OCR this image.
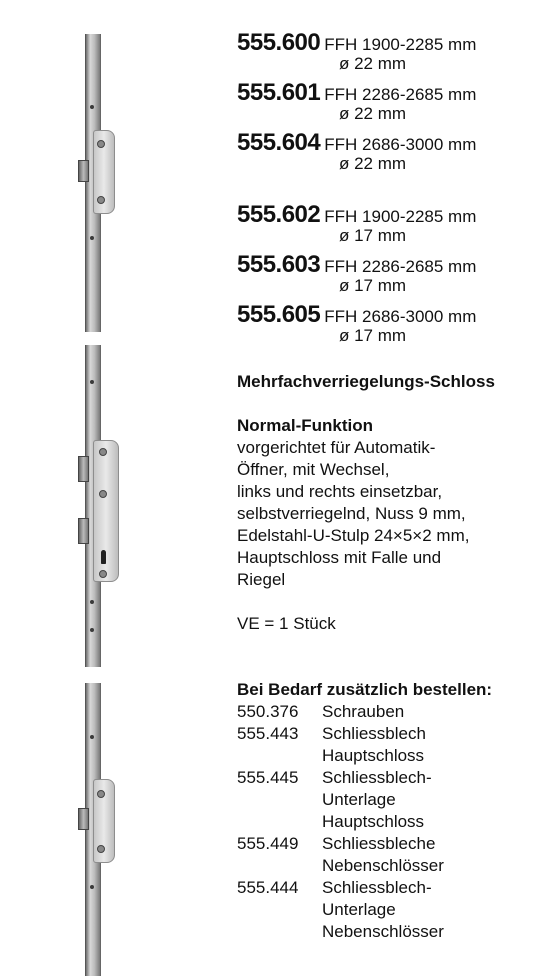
555.600 FFH 1900-2285 mm
ø 22 mm
555.601 FFH 2286-2685 mm
ø 22 mm
555.604 FFH 2686-3000 mm
ø 22 mm
555.602 FFH 1900-2285 mm
ø 17 mm
555.603 FFH 2286-2685 mm
ø 17 mm
555.605 FFH 2686-3000 mm
ø 17 mm
Mehrfachverriegelungs-Schloss
Normal-Funktion
vorgerichtet für Automatik-
Öffner, mit Wechsel,
links und rechts einsetzbar,
selbstverriegelnd, Nuss 9 mm,
Edelstahl-U-Stulp 24×5×2 mm,
Hauptschloss mit Falle und
Riegel
VE = 1 Stück
Bei Bedarf zusätzlich bestellen:
550.376 Schrauben
555.443 Schliessblech
Hauptschloss
555.445 Schliessblech-
Unterlage
Hauptschloss
555.449 Schliessbleche
Nebenschlösser
555.444 Schliessblech-
Unterlage
Nebenschlösser
